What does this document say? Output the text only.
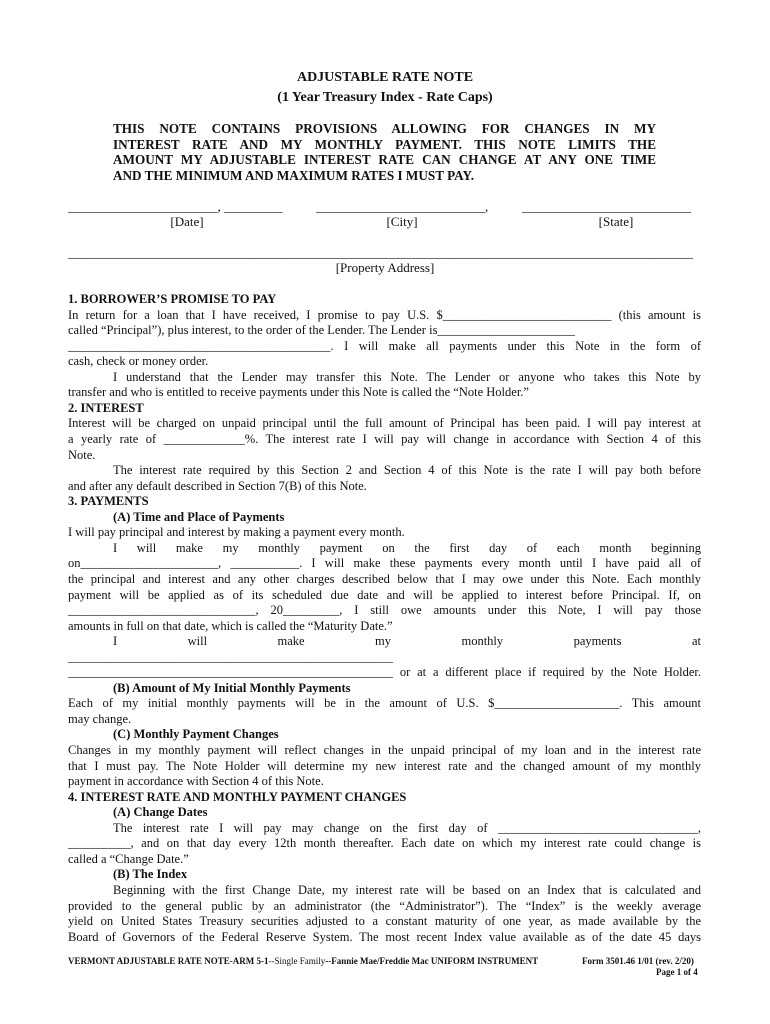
ADJUSTABLE RATE NOTE
(1 Year Treasury Index - Rate Caps)
THIS NOTE CONTAINS PROVISIONS ALLOWING FOR CHANGES IN MY
INTEREST RATE AND MY MONTHLY PAYMENT. THIS NOTE LIMITS THE
AMOUNT MY ADJUSTABLE INTEREST RATE CAN CHANGE AT ANY ONE TIME
AND THE MINIMUM AND MAXIMUM RATES I MUST PAY.
_______________________, _________	__________________________,	__________________________
[Date]	[City]	[State]
____________________________________________________________________________________________________
[Property Address]
1. BORROWER’S PROMISE TO PAY
In return for a loan that I have received, I promise to pay U.S. $___________________________ (this amount is
called “Principal”), plus interest, to the order of the Lender. The Lender is______________________
__________________________________________. I will make all payments under this Note in the form of
cash, check or money order.
I understand that the Lender may transfer this Note. The Lender or anyone who takes this Note by
transfer and who is entitled to receive payments under this Note is called the “Note Holder.”
2. INTEREST
Interest will be charged on unpaid principal until the full amount of Principal has been paid. I will pay interest at
a yearly rate of _____________%. The interest rate I will pay will change in accordance with Section 4 of this
Note.
The interest rate required by this Section 2 and Section 4 of this Note is the rate I will pay both before
and after any default described in Section 7(B) of this Note.
3. PAYMENTS
(A) Time and Place of Payments
I will pay principal and interest by making a payment every month.
I will make my monthly payment on the first day of each month beginning
on______________________, ___________. I will make these payments every month until I have paid all of
the principal and interest and any other charges described below that I may owe under this Note. Each monthly
payment will be applied as of its scheduled due date and will be applied to interest before Principal. If, on
______________________________, 20_________, I still owe amounts under this Note, I will pay those
amounts in full on that date, which is called the “Maturity Date.”
I will make my monthly payments at
____________________________________________________
____________________________________________________ or at a different place if required by the Note Holder.
(B) Amount of My Initial Monthly Payments
Each of my initial monthly payments will be in the amount of U.S. $____________________. This amount
may change.
(C) Monthly Payment Changes
Changes in my monthly payment will reflect changes in the unpaid principal of my loan and in the interest rate
that I must pay. The Note Holder will determine my new interest rate and the changed amount of my monthly
payment in accordance with Section 4 of this Note.
4. INTEREST RATE AND MONTHLY PAYMENT CHANGES
(A) Change Dates
The interest rate I will pay may change on the first day of ________________________________,
__________, and on that day every 12th month thereafter. Each date on which my interest rate could change is
called a “Change Date.”
(B) The Index
Beginning with the first Change Date, my interest rate will be based on an Index that is calculated and
provided to the general public by an administrator (the “Administrator”). The “Index” is the weekly average
yield on United States Treasury securities adjusted to a constant maturity of one year, as made available by the
Board of Governors of the Federal Reserve System. The most recent Index value available as of the date 45 days
VERMONT ADJUSTABLE RATE NOTE-ARM 5-1--Single Family--Fannie Mae/Freddie Mac UNIFORM INSTRUMENT	Form 3501.46 1/01 (rev. 2/20)
Page 1 of 4
